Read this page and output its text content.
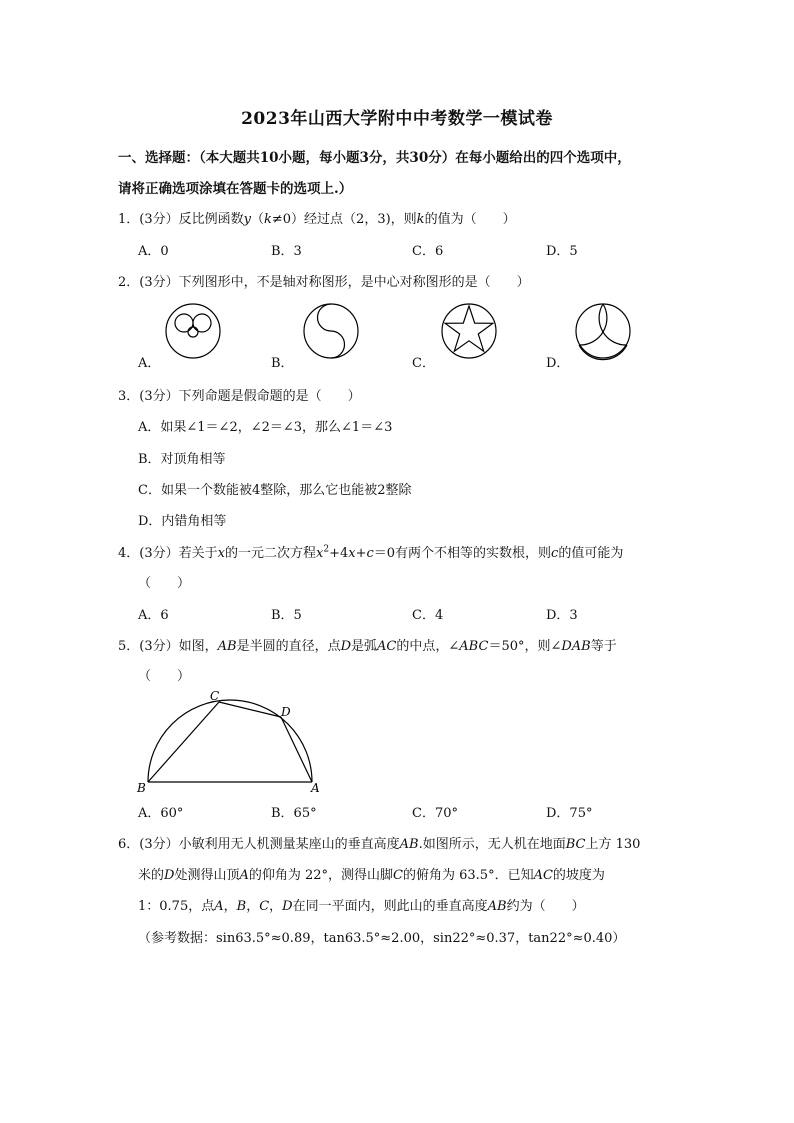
2023年山西大学附中中考数学一模试卷
一、选择题：（本大题共10小题，每小题3分，共30分）在每小题给出的四个选项中，
请将正确选项涂填在答题卡的选项上.）
1．(3分）反比例函数y（k≠0）经过点（2，3)，则k的值为（　　）
A．0	B．3	C．6	D．5
2．(3分）下列图形中，不是轴对称图形，是中心对称图形的是（　　）
A．	B．	C．	D．
3．(3分）下列命题是假命题的是（　　）
A．如果∠1＝∠2，∠2＝∠3，那么∠1＝∠3
B．对顶角相等
C．如果一个数能被4整除，那么它也能被2整除
D．内错角相等
4．(3分）若关于x的一元二次方程$x^2+4x+c=0$有两个不相等的实数根，则c的值可能为
（　　）
A．6	B．5	C．4	D．3
5．(3分）如图，AB是半圆的直径，点D是弧AC的中点，∠ABC＝50°，则∠DAB等于
（　　）
C
D
B	A
A．60°	B．65°	C．70°	D．75°
6．(3分）小敏利用无人机测量某座山的垂直高度AB.如图所示，无人机在地面BC上方 130
米的D处测得山顶A的仰角为 22°，测得山脚C的俯角为 63.5°．已知AC的坡度为
1：0.75，点A，B，C，D在同一平面内，则此山的垂直高度AB约为（　　）
（参考数据：sin63.5°≈0.89，tan63.5°≈2.00，sin22°≈0.37，tan22°≈0.40）
